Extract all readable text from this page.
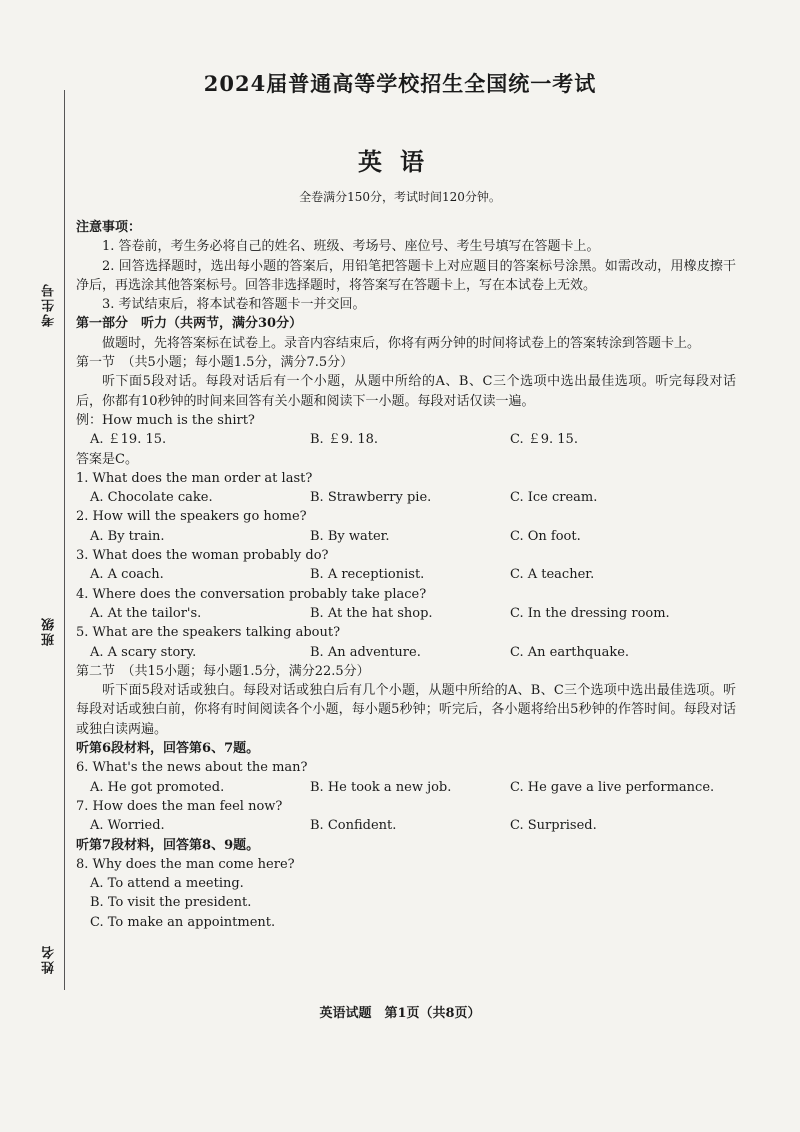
考生号
班级
姓名
2024届普通高等学校招生全国统一考试
英语
全卷满分150分，考试时间120分钟。
注意事项：
1. 答卷前，考生务必将自己的姓名、班级、考场号、座位号、考生号填写在答题卡上。
2. 回答选择题时，选出每小题的答案后，用铅笔把答题卡上对应题目的答案标号涂黑。如需改动，用橡皮擦干净后，再选涂其他答案标号。回答非选择题时，将答案写在答题卡上，写在本试卷上无效。
3. 考试结束后，将本试卷和答题卡一并交回。
第一部分　听力（共两节，满分30分）
做题时，先将答案标在试卷上。录音内容结束后，你将有两分钟的时间将试卷上的答案转涂到答题卡上。
第一节　（共5小题；每小题1.5分，满分7.5分）
听下面5段对话。每段对话后有一个小题，从题中所给的A、B、C三个选项中选出最佳选项。听完每段对话后，你都有10秒钟的时间来回答有关小题和阅读下一小题。每段对话仅读一遍。
例：How much is the shirt?
A. ￡19. 15.	B. ￡9. 18.	C. ￡9. 15.
答案是C。
1. What does the man order at last?
A. Chocolate cake.	B. Strawberry pie.	C. Ice cream.
2. How will the speakers go home?
A. By train.	B. By water.	C. On foot.
3. What does the woman probably do?
A. A coach.	B. A receptionist.	C. A teacher.
4. Where does the conversation probably take place?
A. At the tailor's.	B. At the hat shop.	C. In the dressing room.
5. What are the speakers talking about?
A. A scary story.	B. An adventure.	C. An earthquake.
第二节　（共15小题；每小题1.5分，满分22.5分）
听下面5段对话或独白。每段对话或独白后有几个小题，从题中所给的A、B、C三个选项中选出最佳选项。听每段对话或独白前，你将有时间阅读各个小题，每小题5秒钟；听完后，各小题将给出5秒钟的作答时间。每段对话或独白读两遍。
听第6段材料，回答第6、7题。
6. What's the news about the man?
A. He got promoted.	B. He took a new job.	C. He gave a live performance.
7. How does the man feel now?
A. Worried.	B. Confident.	C. Surprised.
听第7段材料，回答第8、9题。
8. Why does the man come here?
A. To attend a meeting.
B. To visit the president.
C. To make an appointment.
英语试题　第1页（共8页）
